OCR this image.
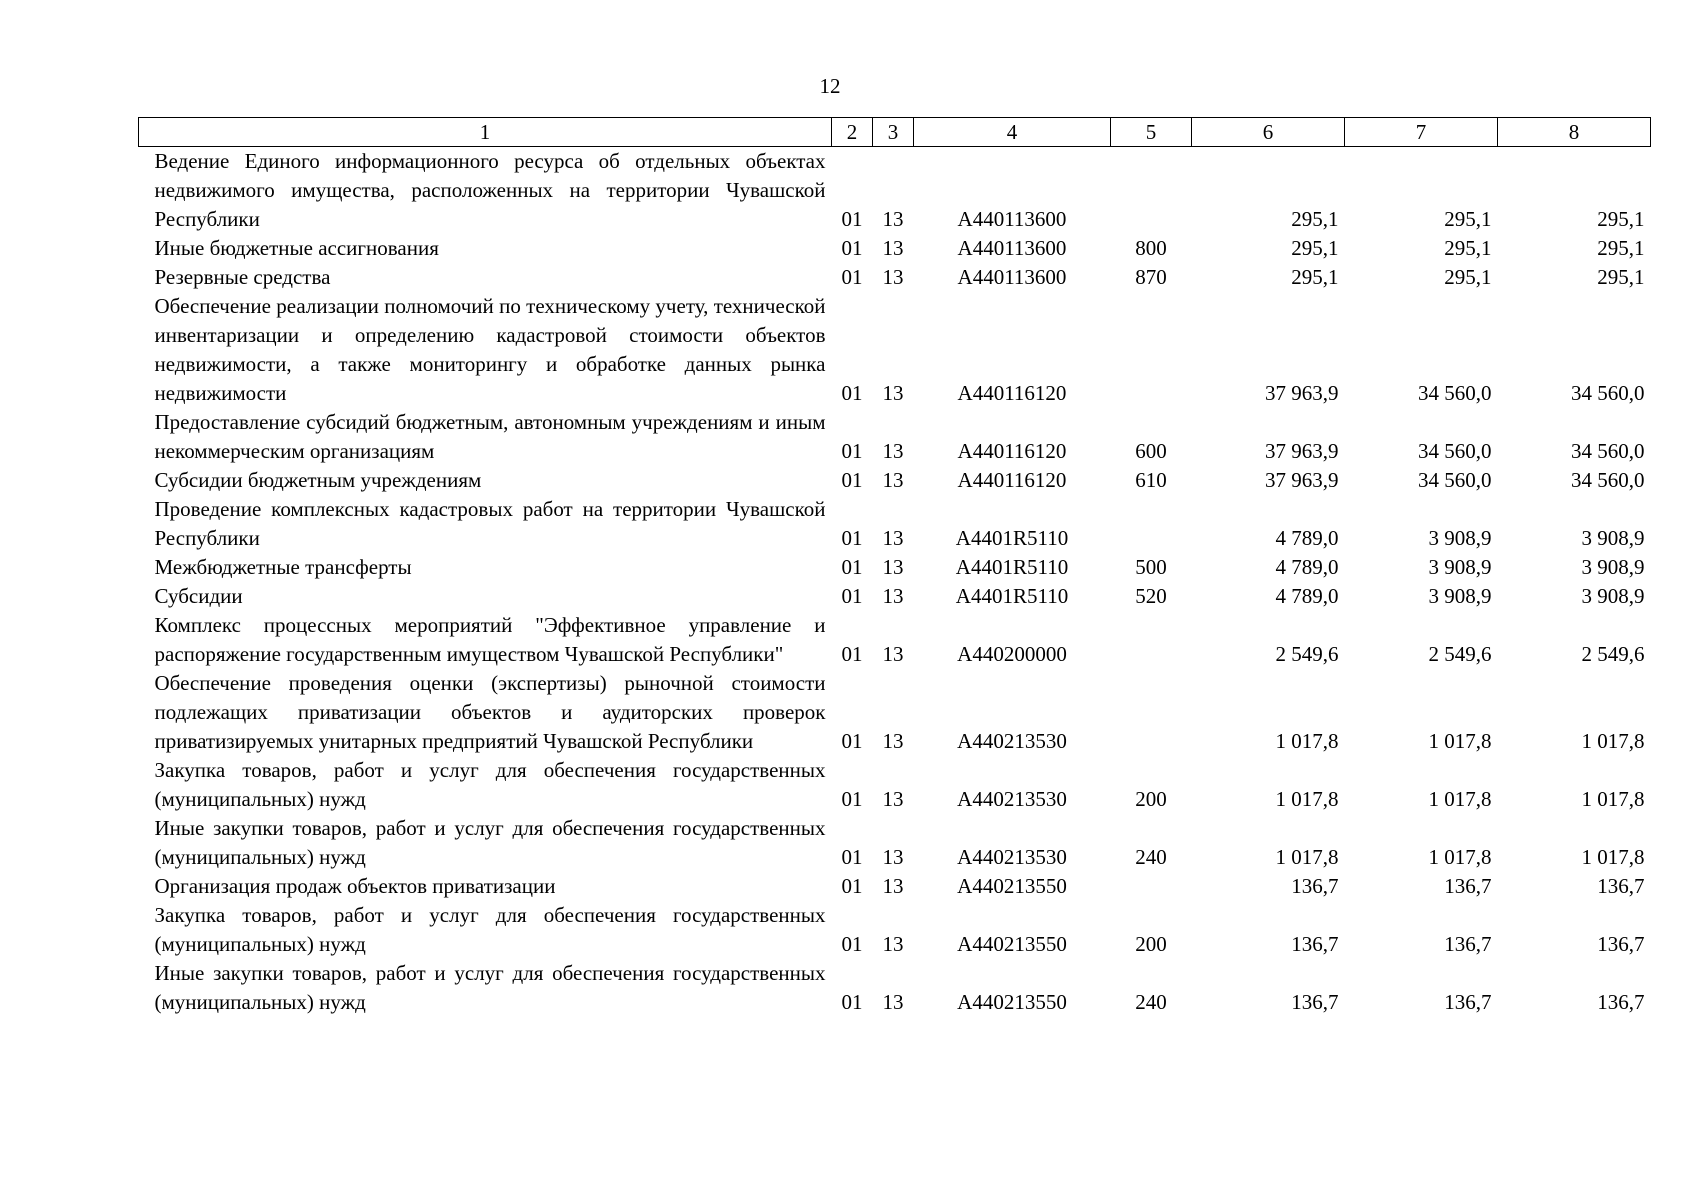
12
1	2	3	4	5	6	7	8
Ведение Единого информационного ресурса об отдельных объектах недвижимого имущества, расположенных на территории Чувашской Республики	01	13	А440113600		295,1	295,1	295,1
Иные бюджетные ассигнования	01	13	А440113600	800	295,1	295,1	295,1
Резервные средства	01	13	А440113600	870	295,1	295,1	295,1
Обеспечение реализации полномочий по техническому учету, технической инвентаризации и определению кадастровой стоимости объектов недвижимости, а также мониторингу и обработке данных рынка недвижимости	01	13	А440116120		37 963,9	34 560,0	34 560,0
Предоставление субсидий бюджетным, автономным учреждениям и иным некоммерческим организациям	01	13	А440116120	600	37 963,9	34 560,0	34 560,0
Субсидии бюджетным учреждениям	01	13	А440116120	610	37 963,9	34 560,0	34 560,0
Проведение комплексных кадастровых работ на территории Чувашской Республики	01	13	А4401R5110		4 789,0	3 908,9	3 908,9
Межбюджетные трансферты	01	13	А4401R5110	500	4 789,0	3 908,9	3 908,9
Субсидии	01	13	А4401R5110	520	4 789,0	3 908,9	3 908,9
Комплекс процессных мероприятий "Эффективное управление и распоряжение государственным имуществом Чувашской Республики"	01	13	А440200000		2 549,6	2 549,6	2 549,6
Обеспечение проведения оценки (экспертизы) рыночной стоимости подлежащих приватизации объектов и аудиторских проверок приватизируемых унитарных предприятий Чувашской Республики	01	13	А440213530		1 017,8	1 017,8	1 017,8
Закупка товаров, работ и услуг для обеспечения государственных (муниципальных) нужд	01	13	А440213530	200	1 017,8	1 017,8	1 017,8
Иные закупки товаров, работ и услуг для обеспечения государственных (муниципальных) нужд	01	13	А440213530	240	1 017,8	1 017,8	1 017,8
Организация продаж объектов приватизации	01	13	А440213550		136,7	136,7	136,7
Закупка товаров, работ и услуг для обеспечения государственных (муниципальных) нужд	01	13	А440213550	200	136,7	136,7	136,7
Иные закупки товаров, работ и услуг для обеспечения государственных (муниципальных) нужд	01	13	А440213550	240	136,7	136,7	136,7
